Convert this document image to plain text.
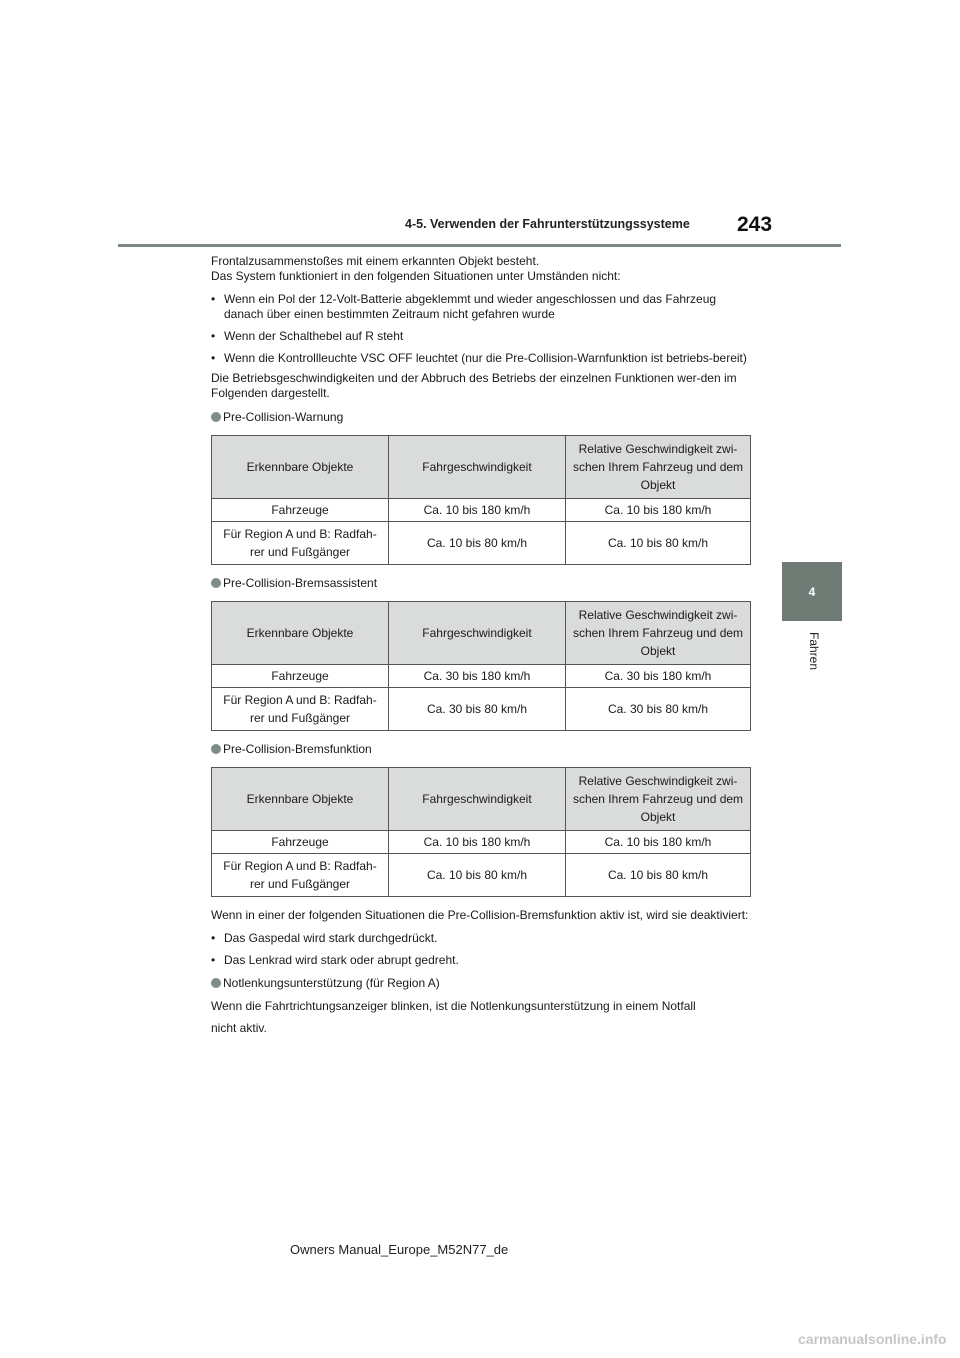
4-5. Verwenden der Fahrunterstützungssysteme 243
4
Fahren

Frontalzusammenstoßes mit einem erkannten Objekt besteht.
Das System funktioniert in den folgenden Situationen unter Umständen nicht:

• Wenn ein Pol der 12-Volt-Batterie abgeklemmt und wieder angeschlossen und das Fahrzeug danach über einen bestimmten Zeitraum nicht gefahren wurde
• Wenn der Schalthebel auf R steht
• Wenn die Kontrollleuchte VSC OFF leuchtet (nur die Pre-Collision-Warnfunktion ist betriebs-bereit)

Die Betriebsgeschwindigkeiten und der Abbruch des Betriebs der einzelnen Funktionen wer-den im Folgenden dargestellt.

Pre-Collision-Warnung
Erkennbare Objekte	Fahrgeschwindigkeit	Relative Geschwindigkeit zwi-schen Ihrem Fahrzeug und dem Objekt
Fahrzeuge	Ca. 10 bis 180 km/h	Ca. 10 bis 180 km/h
Für Region A und B: Radfah-rer und Fußgänger	Ca. 10 bis 80 km/h	Ca. 10 bis 80 km/h
Pre-Collision-Bremsassistent
Erkennbare Objekte	Fahrgeschwindigkeit	Relative Geschwindigkeit zwi-schen Ihrem Fahrzeug und dem Objekt
Fahrzeuge	Ca. 30 bis 180 km/h	Ca. 30 bis 180 km/h
Für Region A und B: Radfah-rer und Fußgänger	Ca. 30 bis 80 km/h	Ca. 30 bis 80 km/h
Pre-Collision-Bremsfunktion
Erkennbare Objekte	Fahrgeschwindigkeit	Relative Geschwindigkeit zwi-schen Ihrem Fahrzeug und dem Objekt
Fahrzeuge	Ca. 10 bis 180 km/h	Ca. 10 bis 180 km/h
Für Region A und B: Radfah-rer und Fußgänger	Ca. 10 bis 80 km/h	Ca. 10 bis 80 km/h

Wenn in einer der folgenden Situationen die Pre-Collision-Bremsfunktion aktiv ist, wird sie deaktiviert:

• Das Gaspedal wird stark durchgedrückt.
• Das Lenkrad wird stark oder abrupt gedreht.
Notlenkungsunterstützung (für Region A)

Wenn die Fahrtrichtungsanzeiger blinken, ist die Notlenkungsunterstützung in einem Notfall
nicht aktiv.

Owners Manual_Europe_M52N77_de
carmanualsonline.info
